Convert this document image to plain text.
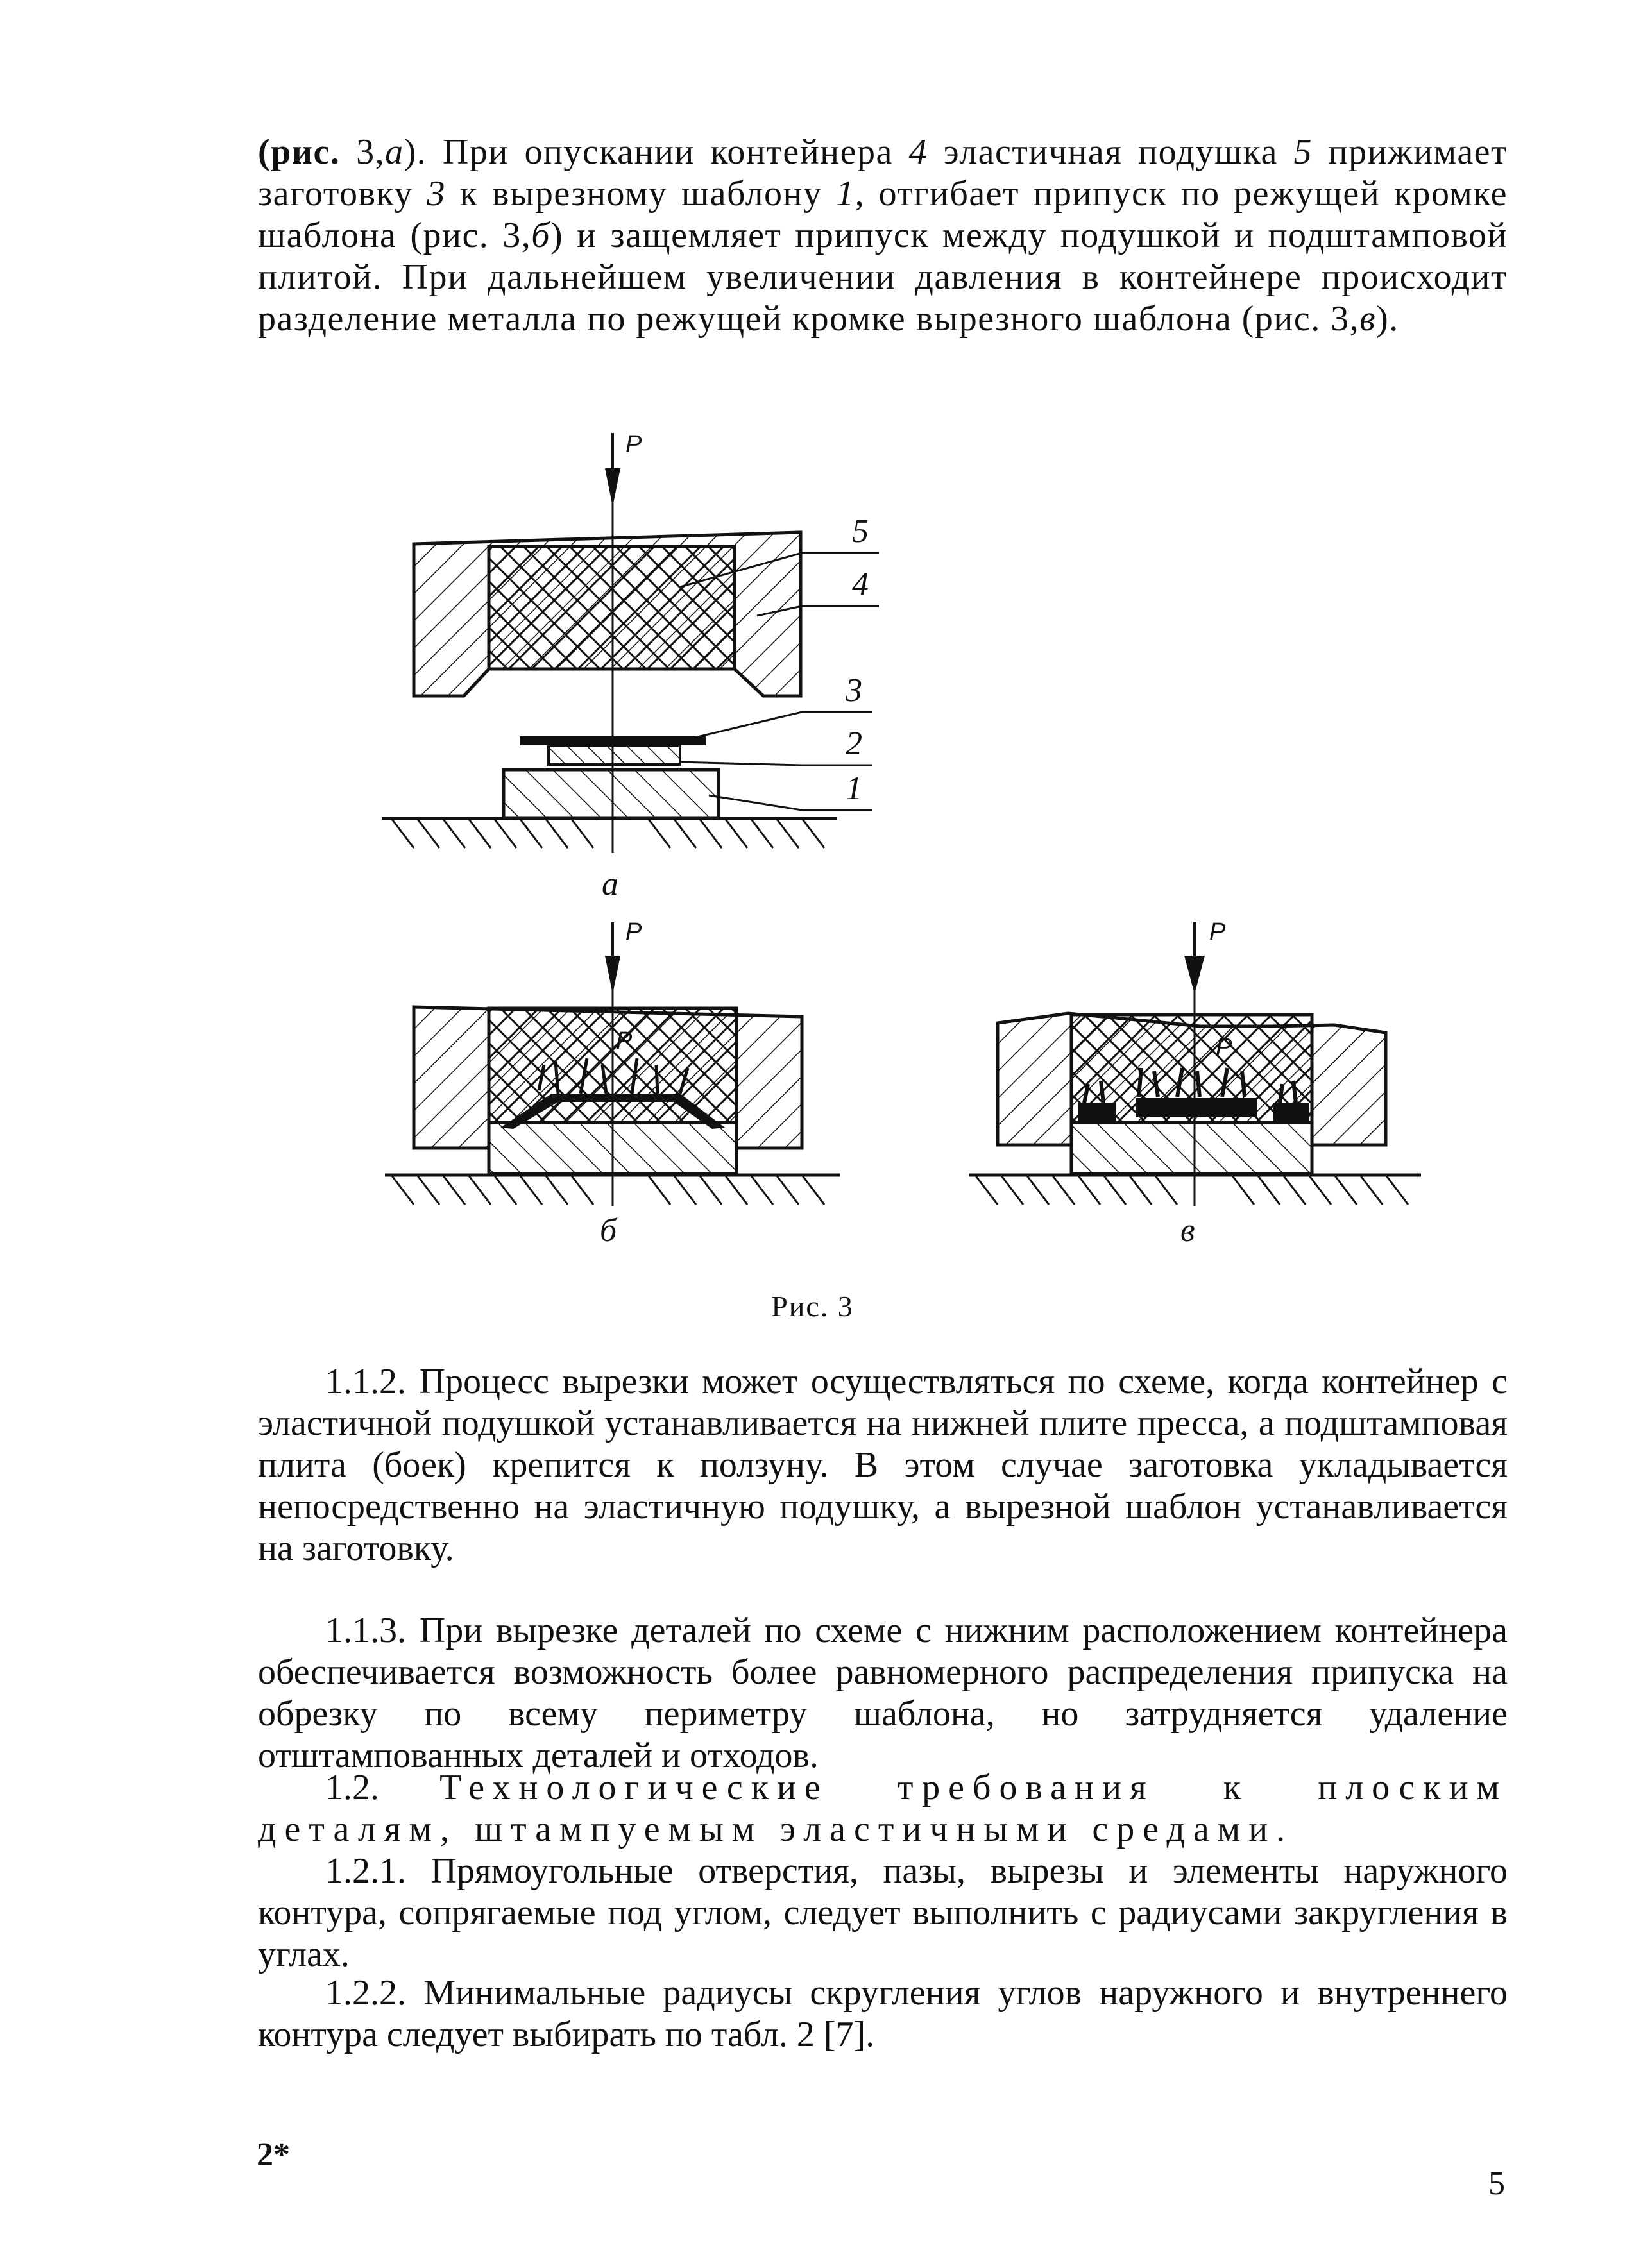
(рис. 3,а). При опускании контейнера 4 эластичная подушка 5 прижимает заготовку 3 к вырезному шаблону 1, отгибает припуск по режущей кромке шаблона (рис. 3,б) и защемляет припуск между подушкой и подштамповой плитой. При дальнейшем увеличении давления в контейнере происходит разделение металла по режущей кромке вырезного шаблона (рис. 3,в).

P
5
4
3
2
1
а
P
P
б
P
P
в
Рис. 3

1.1.2. Процесс вырезки может осуществляться по схеме, когда контейнер с эластичной подушкой устанавливается на нижней плите пресса, а подштамповая плита (боек) крепится к ползуну. В этом случае заготовка укладывается непосредственно на эластичную подушку, а вырезной шаблон устанавливается на заготовку.

1.1.3. При вырезке деталей по схеме с нижним расположением контейнера обеспечивается возможность более равномерного распределения припуска на обрезку по всему периметру шаблона, но затрудняется удаление отштампованных деталей и отходов.

1.2. Технологические требования к плоским деталям, штампуемым эластичными средами.

1.2.1. Прямоугольные отверстия, пазы, вырезы и элементы наружного контура, сопрягаемые под углом, следует выполнить с радиусами закругления в углах.

1.2.2. Минимальные радиусы скругления углов наружного и внутреннего контура следует выбирать по табл. 2 [7].

2*
5
